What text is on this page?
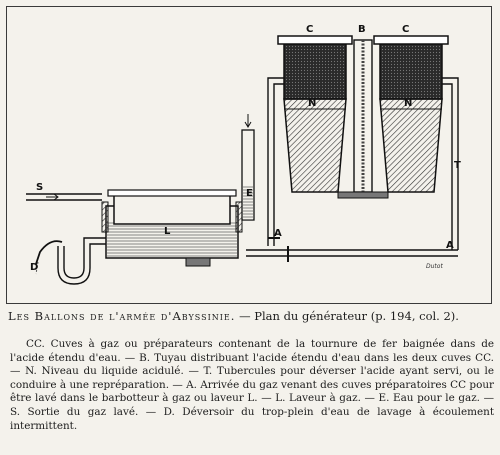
Dutot
C	B	C
N	N
T
E
S
L	A
A
D
Les Ballons de l'armée d'Abyssinie. — Plan du générateur (p. 194, col. 2).
CC. Cuves à gaz ou préparateurs contenant de la tournure de fer baignée dans de l'acide étendu d'eau. — B. Tuyau distribuant l'acide étendu d'eau dans les deux cuves CC. — N. Niveau du liquide acidulé. — T. Tubercules pour déverser l'acide ayant servi, ou le conduire à une repréparation. — A. Arrivée du gaz venant des cuves préparatoires CC pour être lavé dans le barbotteur à gaz ou laveur L. — L. Laveur à gaz. — E. Eau pour le gaz. — S. Sortie du gaz lavé. — D. Déversoir du trop-plein d'eau de lavage à écoulement intermittent.
